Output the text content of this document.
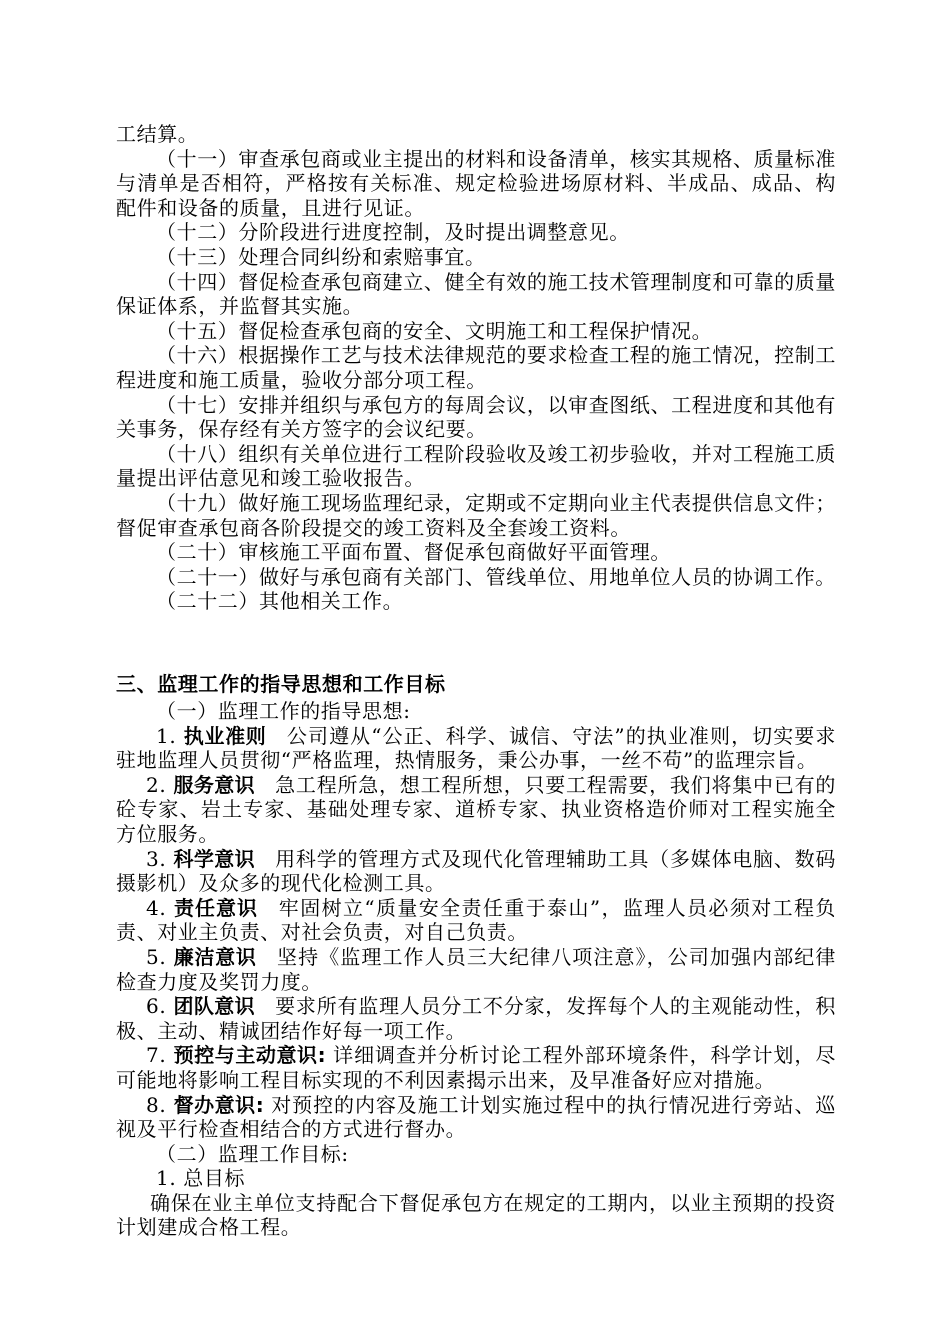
工结算。

（十一）审查承包商或业主提出的材料和设备清单，核实其规格、质量标准与清单是否相符，严格按有关标准、规定检验进场原材料、半成品、成品、构配件和设备的质量，且进行见证。

（十二）分阶段进行进度控制，及时提出调整意见。

（十三）处理合同纠纷和索赔事宜。

（十四）督促检查承包商建立、健全有效的施工技术管理制度和可靠的质量保证体系，并监督其实施。

（十五）督促检查承包商的安全、文明施工和工程保护情况。

（十六）根据操作工艺与技术法律规范的要求检查工程的施工情况，控制工程进度和施工质量，验收分部分项工程。

（十七）安排并组织与承包方的每周会议，以审查图纸、工程进度和其他有关事务，保存经有关方签字的会议纪要。

（十八）组织有关单位进行工程阶段验收及竣工初步验收，并对工程施工质量提出评估意见和竣工验收报告。

（十九）做好施工现场监理纪录，定期或不定期向业主代表提供信息文件；督促审查承包商各阶段提交的竣工资料及全套竣工资料。

（二十）审核施工平面布置、督促承包商做好平面管理。

（二十一）做好与承包商有关部门、管线单位、用地单位人员的协调工作。

（二十二）其他相关工作。

三、监理工作的指导思想和工作目标

（一）监理工作的指导思想:

1. 执业准则 公司遵从“公正、科学、诚信、守法”的执业准则，切实要求驻地监理人员贯彻“严格监理，热情服务，秉公办事，一丝不苟”的监理宗旨。

2. 服务意识 急工程所急，想工程所想，只要工程需要，我们将集中已有的砼专家、岩土专家、基础处理专家、道桥专家、执业资格造价师对工程实施全方位服务。

3. 科学意识 用科学的管理方式及现代化管理辅助工具（多媒体电脑、数码摄影机）及众多的现代化检测工具。

4. 责任意识 牢固树立“质量安全责任重于泰山”，监理人员必须对工程负责、对业主负责、对社会负责，对自己负责。

5. 廉洁意识 坚持《监理工作人员三大纪律八项注意》，公司加强内部纪律检查力度及奖罚力度。

6. 团队意识 要求所有监理人员分工不分家，发挥每个人的主观能动性，积极、主动、精诚团结作好每一项工作。

7. 预控与主动意识: 详细调查并分析讨论工程外部环境条件，科学计划，尽可能地将影响工程目标实现的不利因素揭示出来，及早准备好应对措施。

8. 督办意识: 对预控的内容及施工计划实施过程中的执行情况进行旁站、巡视及平行检查相结合的方式进行督办。

（二）监理工作目标:

1. 总目标

确保在业主单位支持配合下督促承包方在规定的工期内，以业主预期的投资计划建成合格工程。
